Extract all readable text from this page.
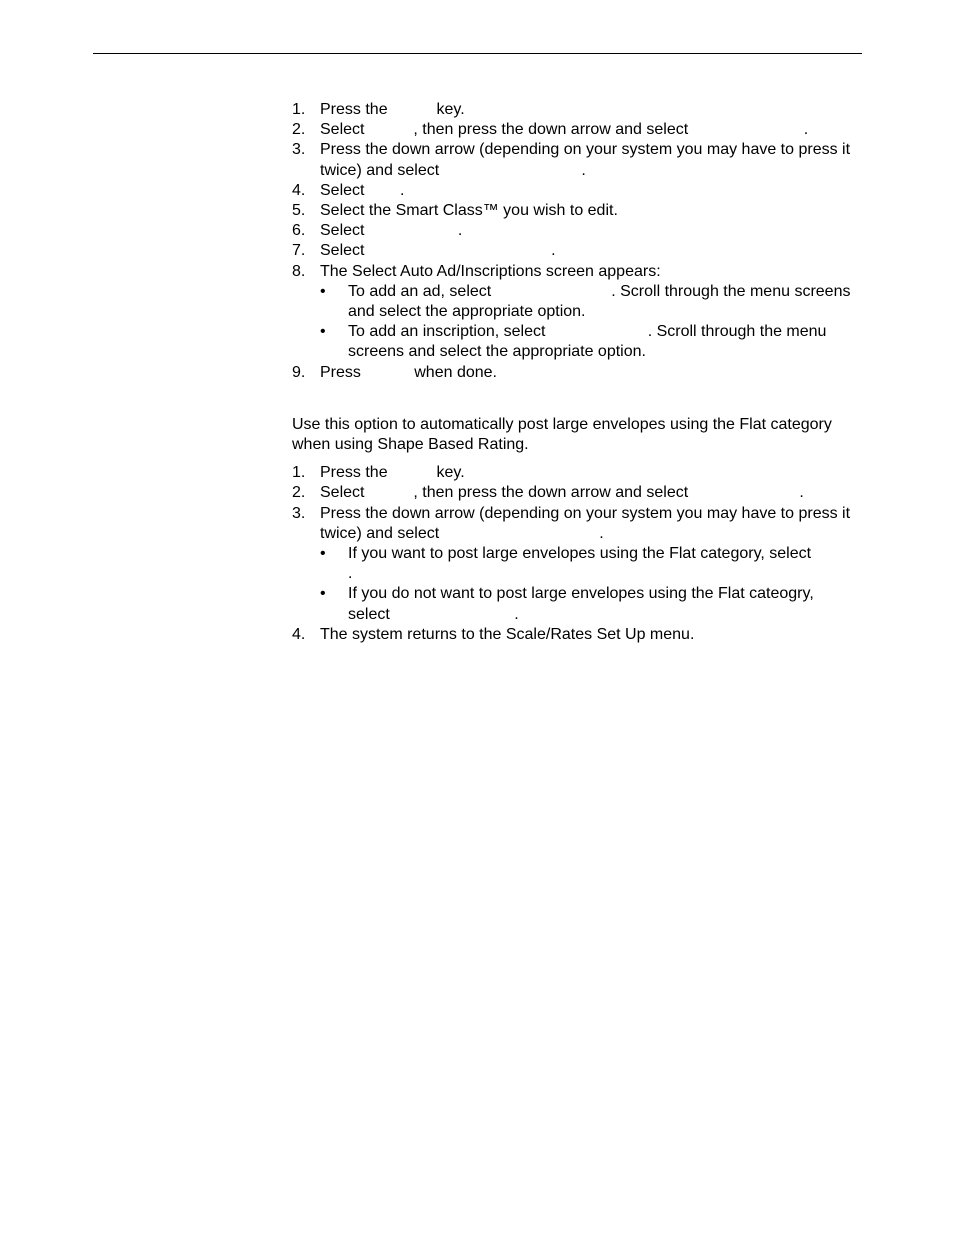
1. Press the           key.
2. Select           , then press the down arrow and select                          .
3. Press the down arrow (depending on your system you may have to press it twice) and select                                .
4. Select        .
5. Select the Smart Class™ you wish to edit.
6. Select                     .
7. Select                                          .
8. The Select Auto Ad/Inscriptions screen appears:
• To add an ad, select                           . Scroll through the menu screens and select the appropriate option.
• To add an inscription, select                       . Scroll through the menu screens and select the appropriate option.
9. Press            when done.
Use this option to automatically post large envelopes using the Flat category when using Shape Based Rating.
1. Press the           key.
2. Select           , then press the down arrow and select                         .
3. Press the down arrow (depending on your system you may have to press it twice) and select                                    .
• If you want to post large envelopes using the Flat category, select                          .
• If you do not want to post large envelopes using the Flat cateogry, select                            .
4. The system returns to the Scale/Rates Set Up menu.
